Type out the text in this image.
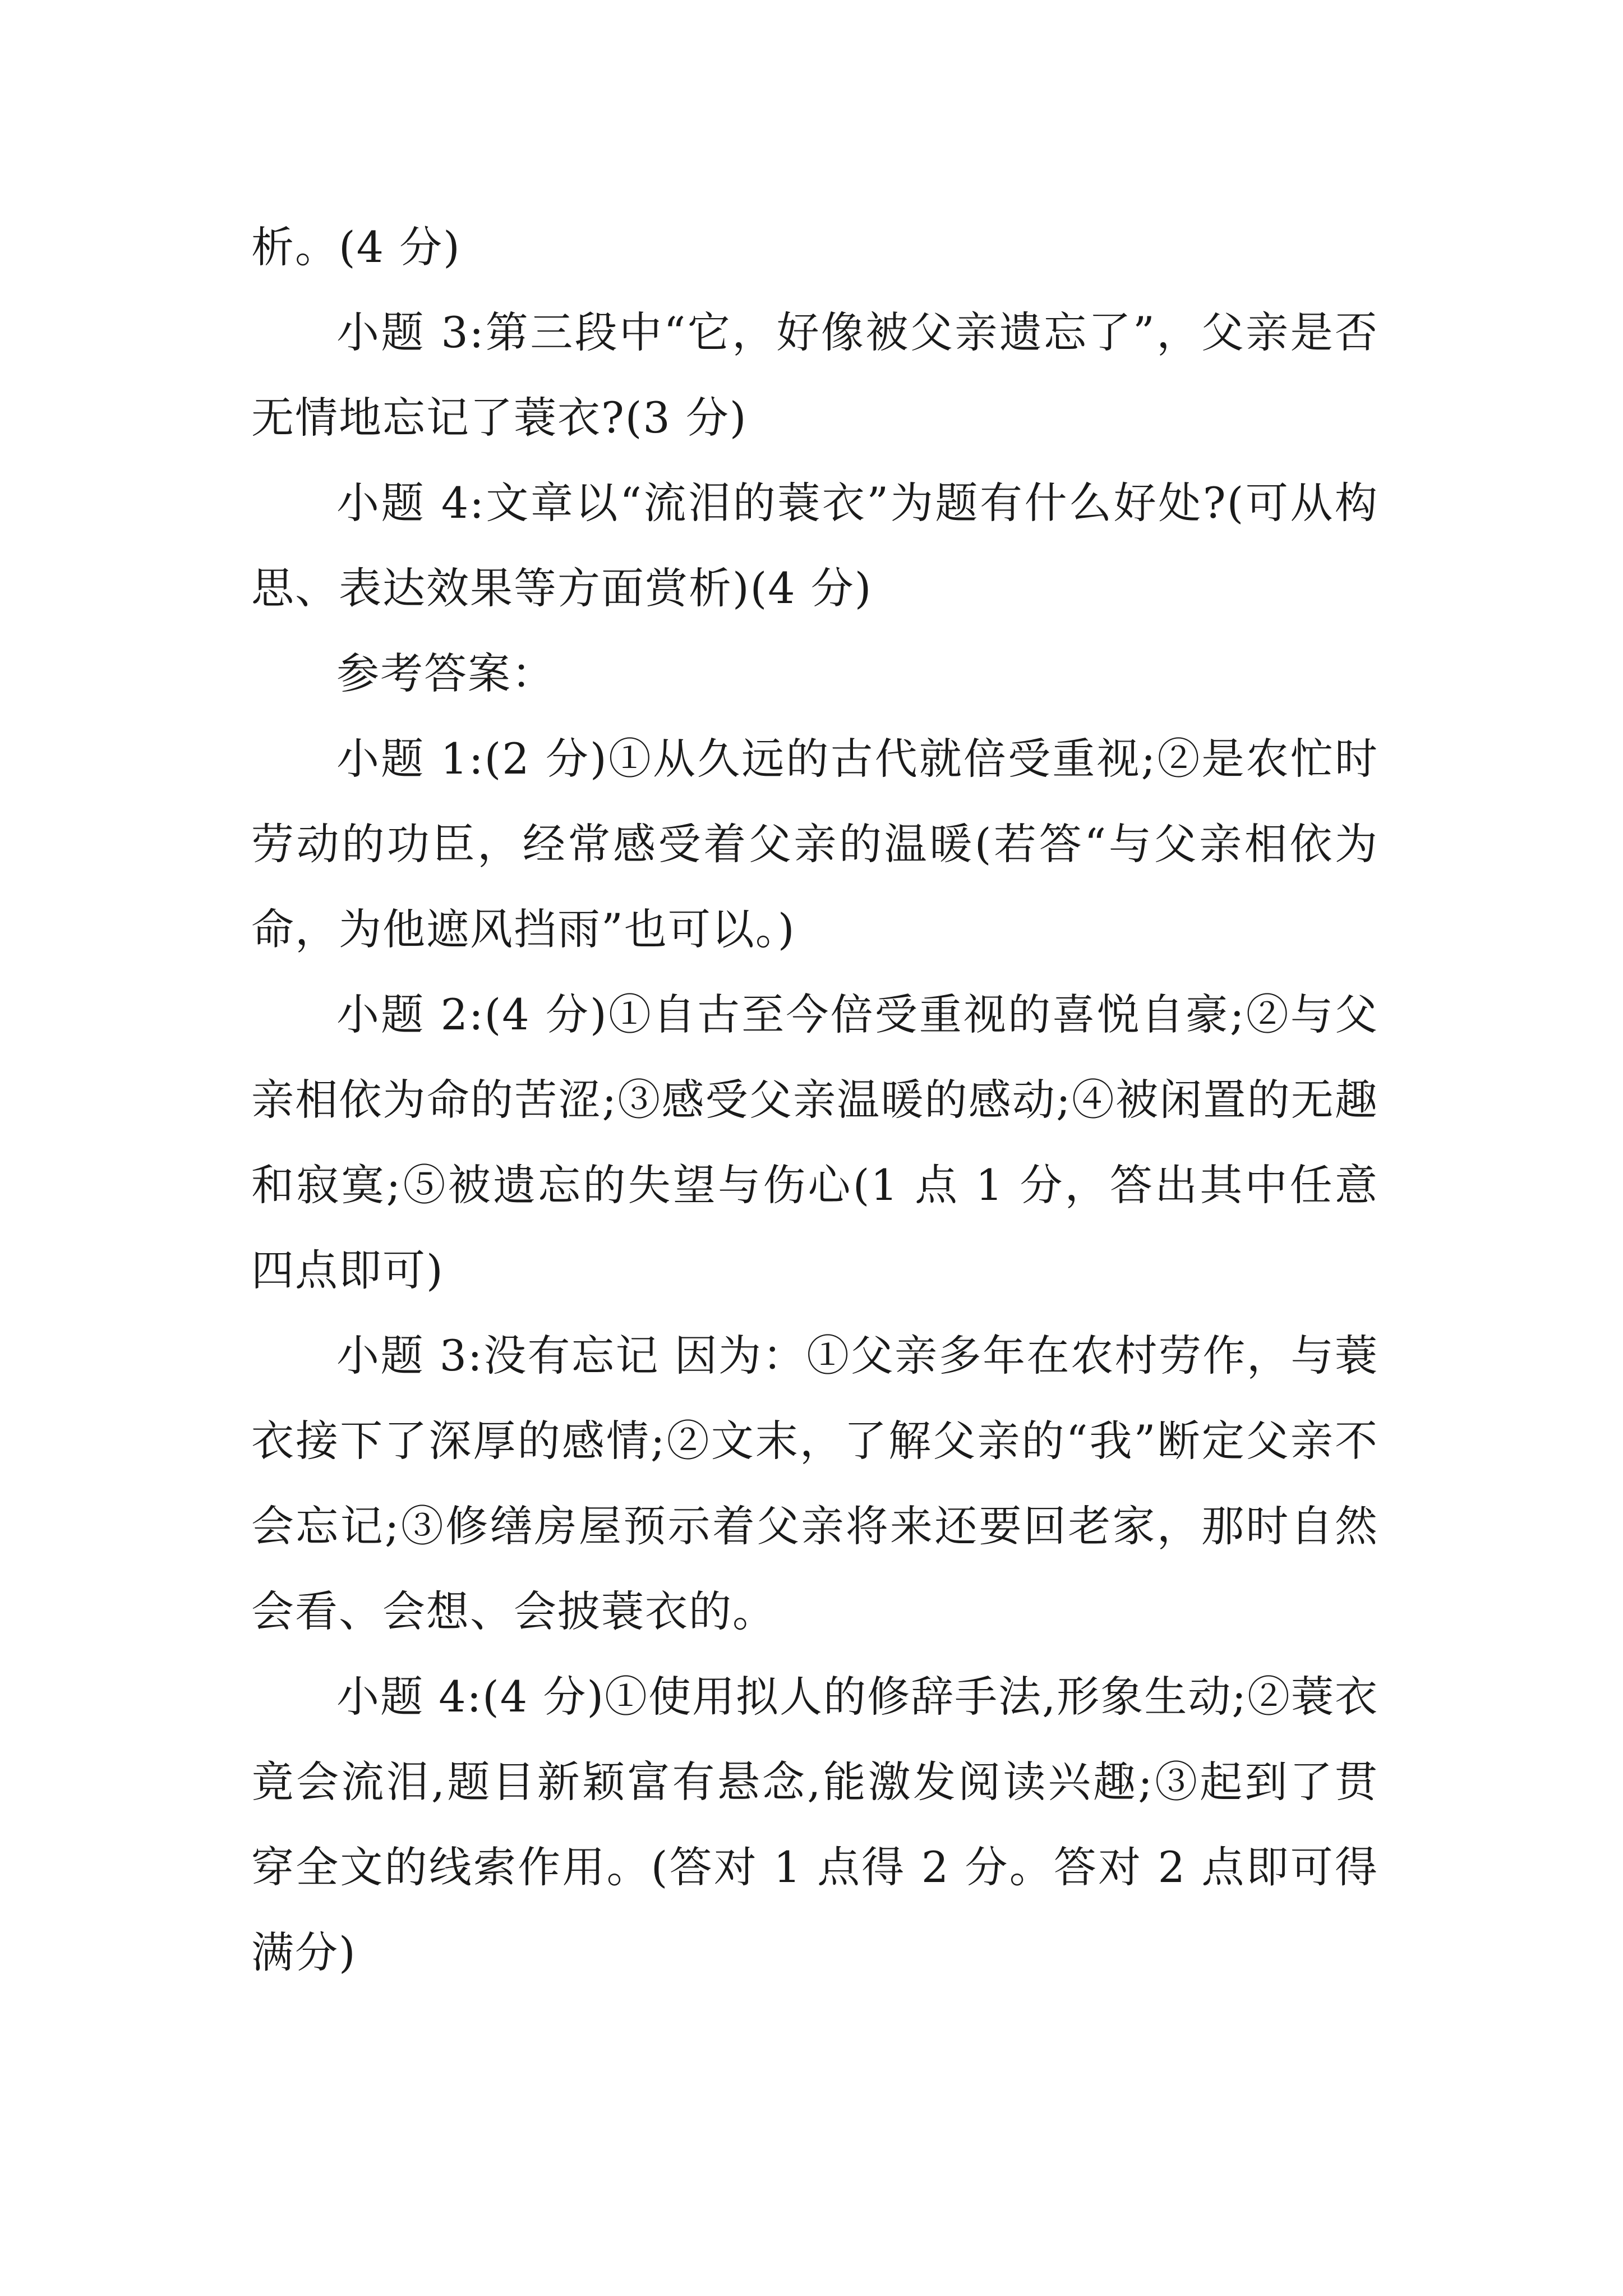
析。(4 分)

小题 3:第三段中“它，好像被父亲遗忘了”，父亲是否无情地忘记了蓑衣?(3 分)

小题 4:文章以“流泪的蓑衣”为题有什么好处?(可从构思、表达效果等方面赏析)(4 分)

参考答案：

小题 1:(2 分)①从久远的古代就倍受重视;②是农忙时劳动的功臣，经常感受着父亲的温暖(若答“与父亲相依为命，为他遮风挡雨”也可以。)

小题 2:(4 分)①自古至今倍受重视的喜悦自豪;②与父亲相依为命的苦涩;③感受父亲温暖的感动;④被闲置的无趣和寂寞;⑤被遗忘的失望与伤心(1 点 1 分，答出其中任意四点即可)

小题 3:没有忘记 因为：①父亲多年在农村劳作，与蓑衣接下了深厚的感情;②文末，了解父亲的“我”断定父亲不会忘记;③修缮房屋预示着父亲将来还要回老家，那时自然会看、会想、会披蓑衣的。

小题 4:(4 分)①使用拟人的修辞手法,形象生动;②蓑衣竟会流泪,题目新颖富有悬念,能激发阅读兴趣;③起到了贯穿全文的线索作用。(答对 1 点得 2 分。答对 2 点即可得满分)
